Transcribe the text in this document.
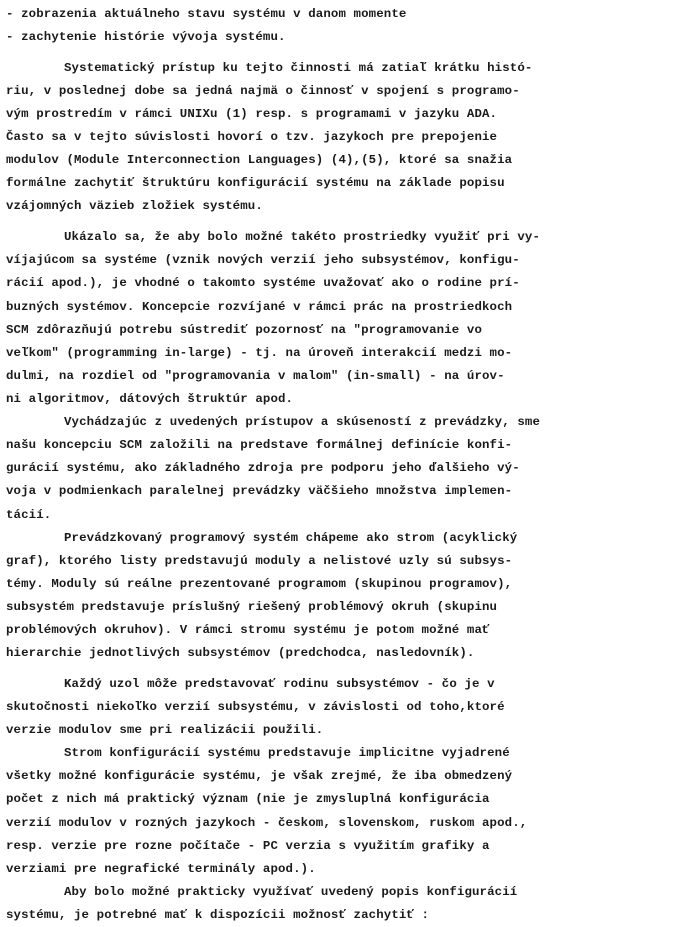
- zobrazenia aktuálneho stavu systému v danom momente
- zachytenie histórie vývoja systému.
Systematický prístup ku tejto činnosti má zatiaľ krátku histó-
riu, v poslednej dobe sa jedná najmä o činnosť v spojení s programo-
vým prostredím v rámci UNIXu (1) resp. s programami v jazyku ADA.
Často sa v tejto súvislosti hovorí o tzv. jazykoch pre prepojenie
modulov (Module Interconnection Languages) (4),(5), ktoré sa snažia
formálne zachytiť štruktúru konfigurácií systému na základe popisu
vzájomných väzieb zložiek systému.
Ukázalo sa, že aby bolo možné takéto prostriedky využiť pri vy-
víjajúcom sa systéme (vznik nových verzií jeho subsystémov, konfigu-
rácií apod.), je vhodné o takomto systéme uvažovať ako o rodine prí-
buzných systémov. Koncepcie rozvíjané v rámci prác na prostriedkoch
SCM zdôrazňujú potrebu sústrediť pozornosť na "programovanie vo
veľkom" (programming in-large) - tj. na úroveň interakcií medzi mo-
dulmi, na rozdiel od "programovania v malom" (in-small) - na úrov-
ni algoritmov, dátových štruktúr apod.
Vychádzajúc z uvedených prístupov a skúseností z prevádzky, sme
našu koncepciu SCM založili na predstave formálnej definície konfi-
gurácií systému, ako základného zdroja pre podporu jeho ďalšieho vý-
voja v podmienkach paralelnej prevádzky väčšieho množstva implemen-
tácií.
Prevádzkovaný programový systém chápeme ako strom (acyklický
graf), ktorého listy predstavujú moduly a nelistové uzly sú subsys-
témy. Moduly sú reálne prezentované programom (skupinou programov),
subsystém predstavuje príslušný riešený problémový okruh (skupinu
problémových okruhov). V rámci stromu systému je potom možné mať
hierarchie jednotlivých subsystémov (predchodca, nasledovník).
Každý uzol môže predstavovať rodinu subsystémov - čo je v
skutočnosti niekoľko verzií subsystému, v závislosti od toho,ktoré
verzie modulov sme pri realizácii použili.
Strom konfigurácií systému predstavuje implicitne vyjadrené
všetky možné konfigurácie systému, je však zrejmé, že iba obmedzený
počet z nich má praktický význam (nie je zmysluplná konfigurácia
verzií modulov v rozných jazykoch - českom, slovenskom, ruskom apod.,
resp. verzie pre rozne počítače - PC verzia s využitím grafiky a
verziami pre negrafické terminály apod.).
Aby bolo možné prakticky využívať uvedený popis konfigurácií
systému, je potrebné mať k dispozícii možnosť zachytiť :
